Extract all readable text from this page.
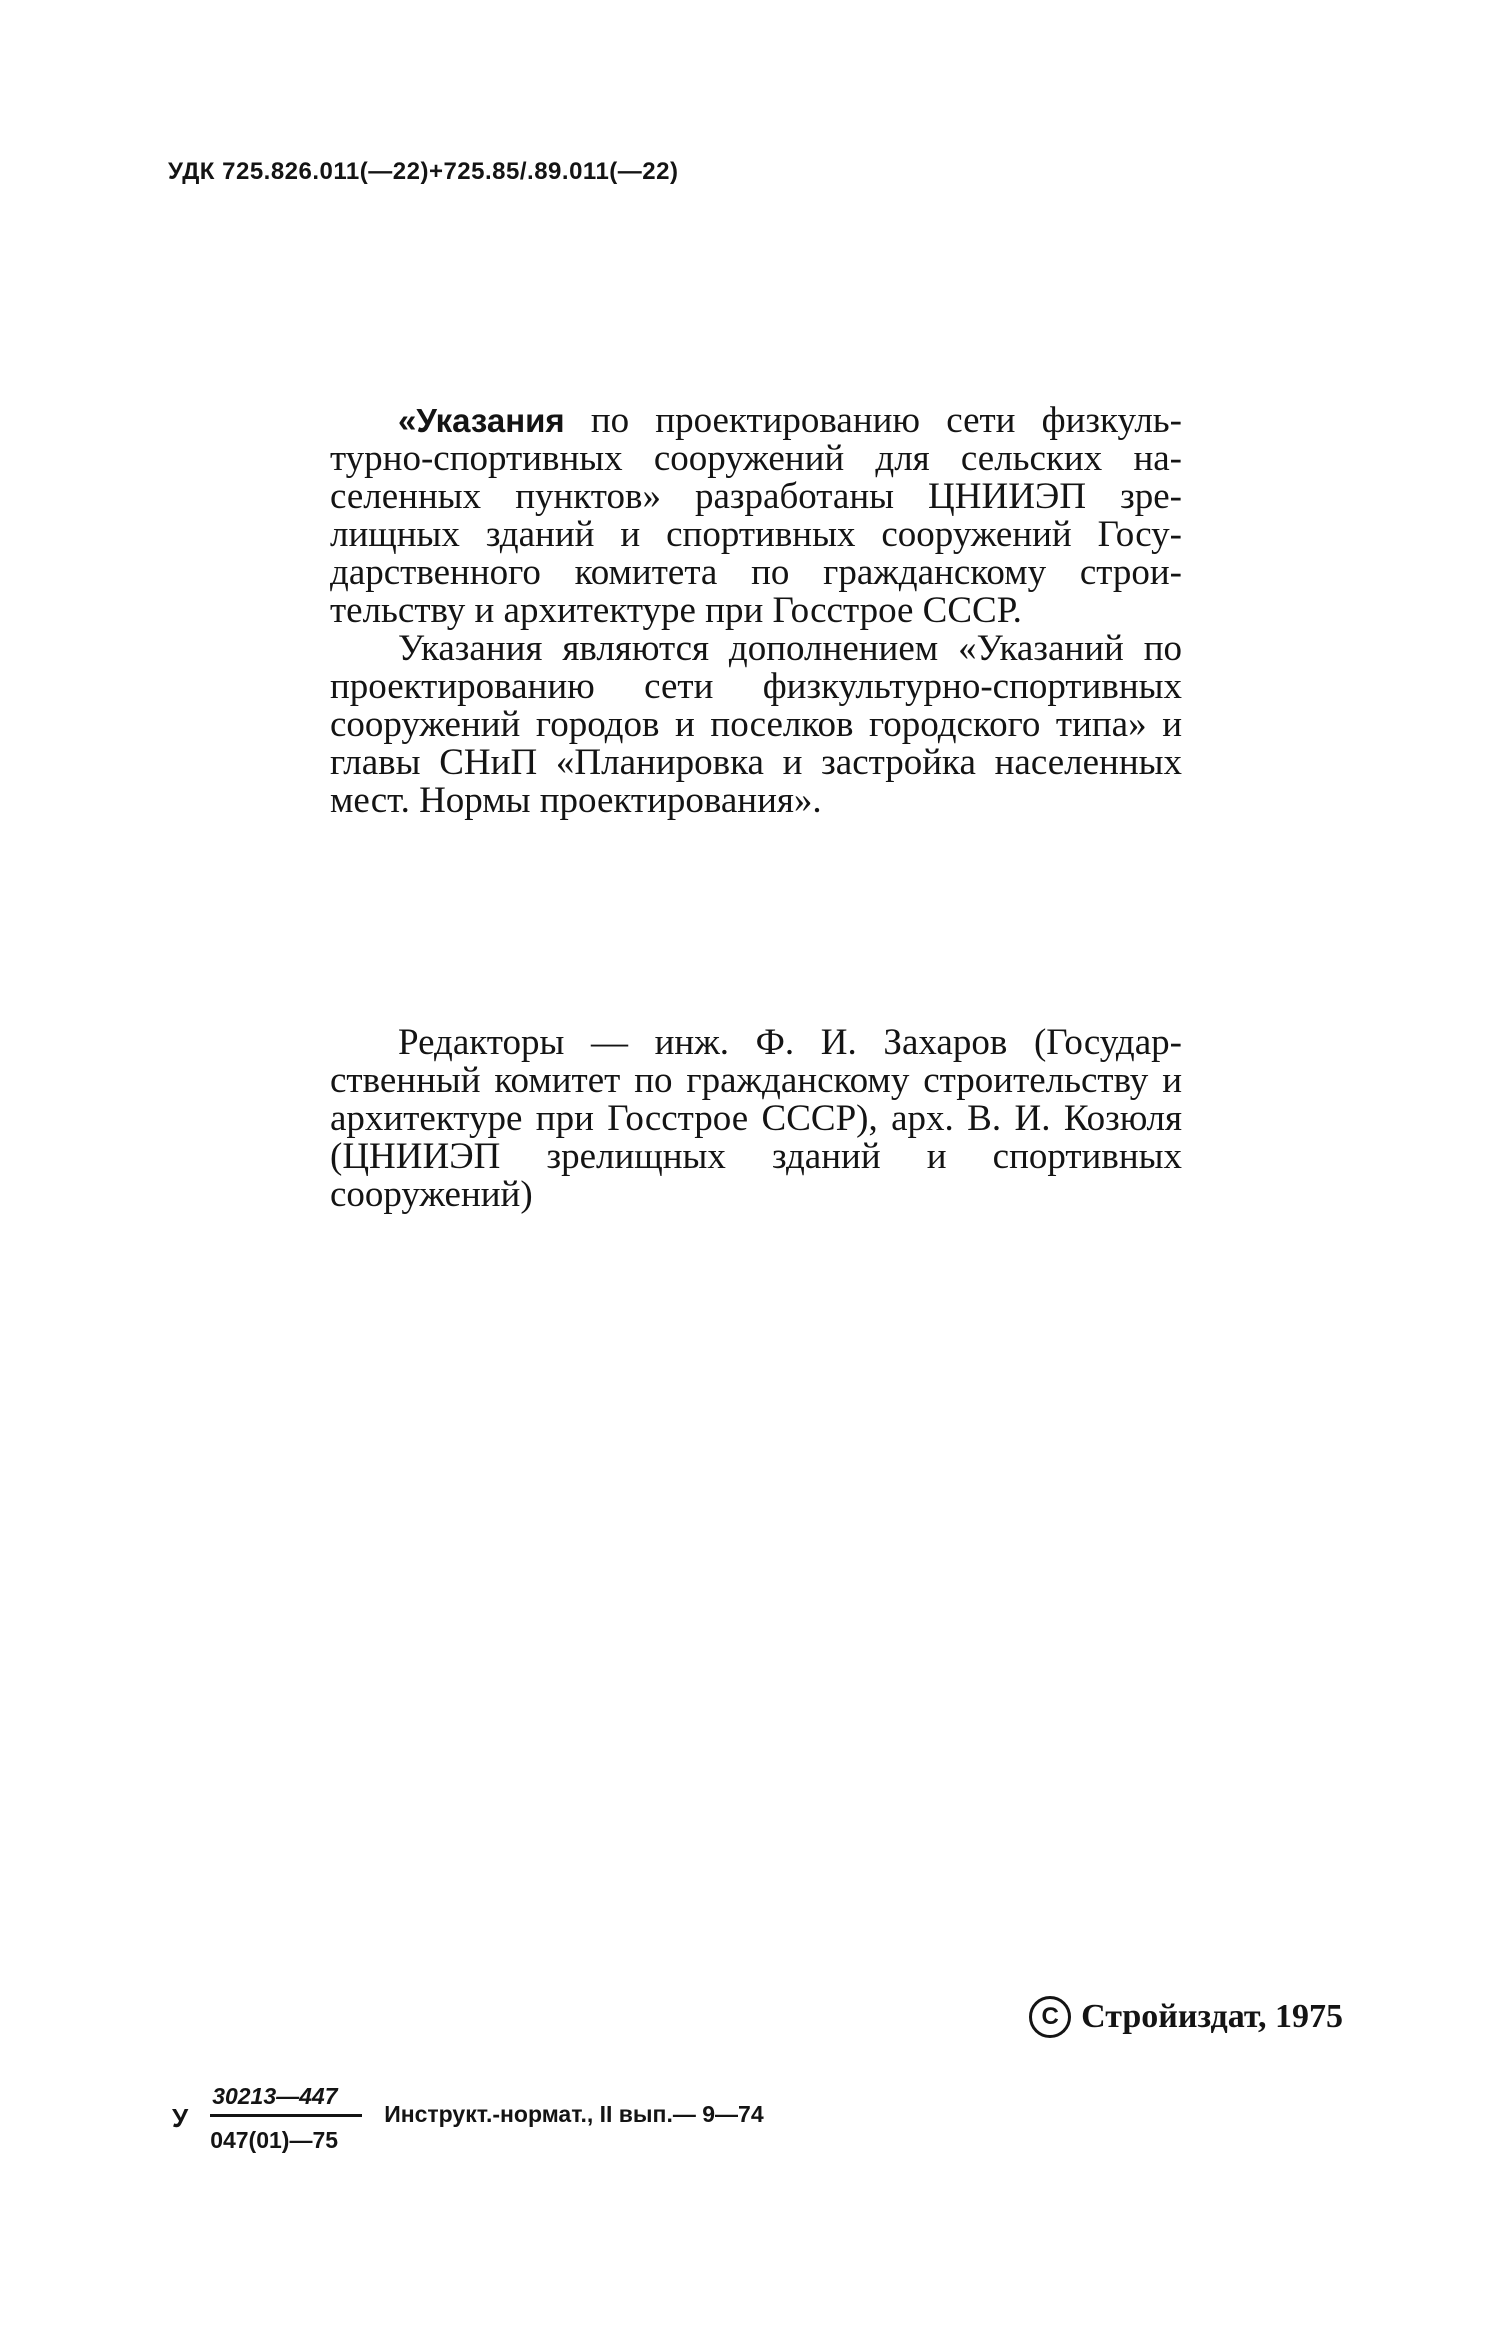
УДК 725.826.011(—22)+725.85/.89.011(—22)

«Указания по проектированию сети физкультурно-спортивных сооружений для сельских населенных пунктов» разработаны ЦНИИЭП зрелищных зданий и спортивных сооружений Государственного комитета по гражданскому строительству и архитектуре при Госстрое СССР.

Указания являются дополнением «Указаний по проектированию сети физкультурно-спортивных сооружений городов и поселков городского типа» и главы СНиП «Планировка и застройка населенных мест. Нормы проектирования».

Редакторы — инж. Ф. И. Захаров (Государственный комитет по гражданскому строительству и архитектуре при Госстрое СССР), арх. В. И. Козюля (ЦНИИЭП зрелищных зданий и спортивных сооружений)

С Стройиздат, 1975
У $\frac{30213—447}{047(01)—75}$ Инструкт.-нормат., II вып.— 9—74
